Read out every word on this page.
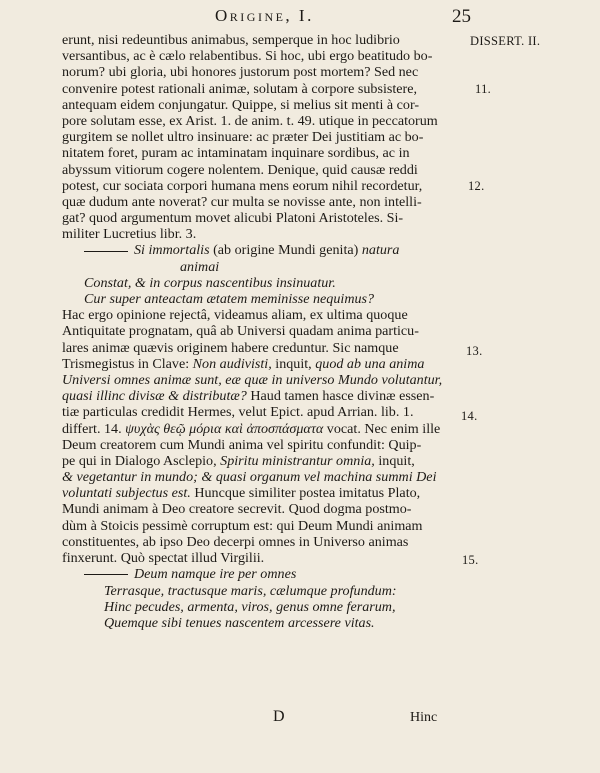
Origine, I.	25
DISSERT. II.
11.
12.
13.
14.
15.
erunt, nisi redeuntibus animabus, semperque in hoc ludibrio
versantibus, ac è cælo relabentibus. Si hoc, ubi ergo beatitudo bo-
norum? ubi gloria, ubi honores justorum post mortem? Sed nec
convenire potest rationali animæ, solutam à corpore subsistere,
antequam eidem conjungatur. Quippe, si melius sit menti à cor-
pore solutam esse, ex Arist. 1. de anim. t. 49. utique in peccatorum
gurgitem se nollet ultro insinuare: ac præter Dei justitiam ac bo-
nitatem foret, puram ac intaminatam inquinare sordibus, ac in
abyssum vitiorum cogere nolentem. Denique, quid causæ reddi
potest, cur sociata corpori humana mens eorum nihil recordetur,
quæ dudum ante noverat? cur multa se novisse ante, non intelli-
gat? quod argumentum movet alicubi Platoni Aristoteles. Si-
militer Lucretius libr. 3.
Si immortalis (ab origine Mundi genita) natura
animai
Constat, & in corpus nascentibus insinuatur.
Cur super anteactam ætatem meminisse nequimus?
Hac ergo opinione rejectâ, videamus aliam, ex ultima quoque
Antiquitate prognatam, quâ ab Universi quadam anima particu-
lares animæ quævis originem habere creduntur. Sic namque
Trismegistus in Clave: Non audivisti, inquit, quod ab una anima
Universi omnes animæ sunt, eæ quæ in universo Mundo volutantur,
quasi illinc divisæ & distributæ? Haud tamen hasce divinæ essen-
tiæ particulas credidit Hermes, velut Epict. apud Arrian. lib. 1.
differt. 14. ψυχὰς θεῷ μόρια καὶ ἀποσπάσματα vocat. Nec enim ille
Deum creatorem cum Mundi anima vel spiritu confundit: Quip-
pe qui in Dialogo Asclepio, Spiritu ministrantur omnia, inquit,
& vegetantur in mundo; & quasi organum vel machina summi Dei
voluntati subjectus est. Huncque similiter postea imitatus Plato,
Mundi animam à Deo creatore secrevit. Quod dogma postmo-
dùm à Stoicis pessimè corruptum est: qui Deum Mundi animam
constituentes, ab ipso Deo decerpi omnes in Universo animas
finxerunt. Quò spectat illud Virgilii.
Deum namque ire per omnes
Terrasque, tractusque maris, cælumque profundum:
Hinc pecudes, armenta, viros, genus omne ferarum,
Quemque sibi tenues nascentem arcessere vitas.
D	Hinc
